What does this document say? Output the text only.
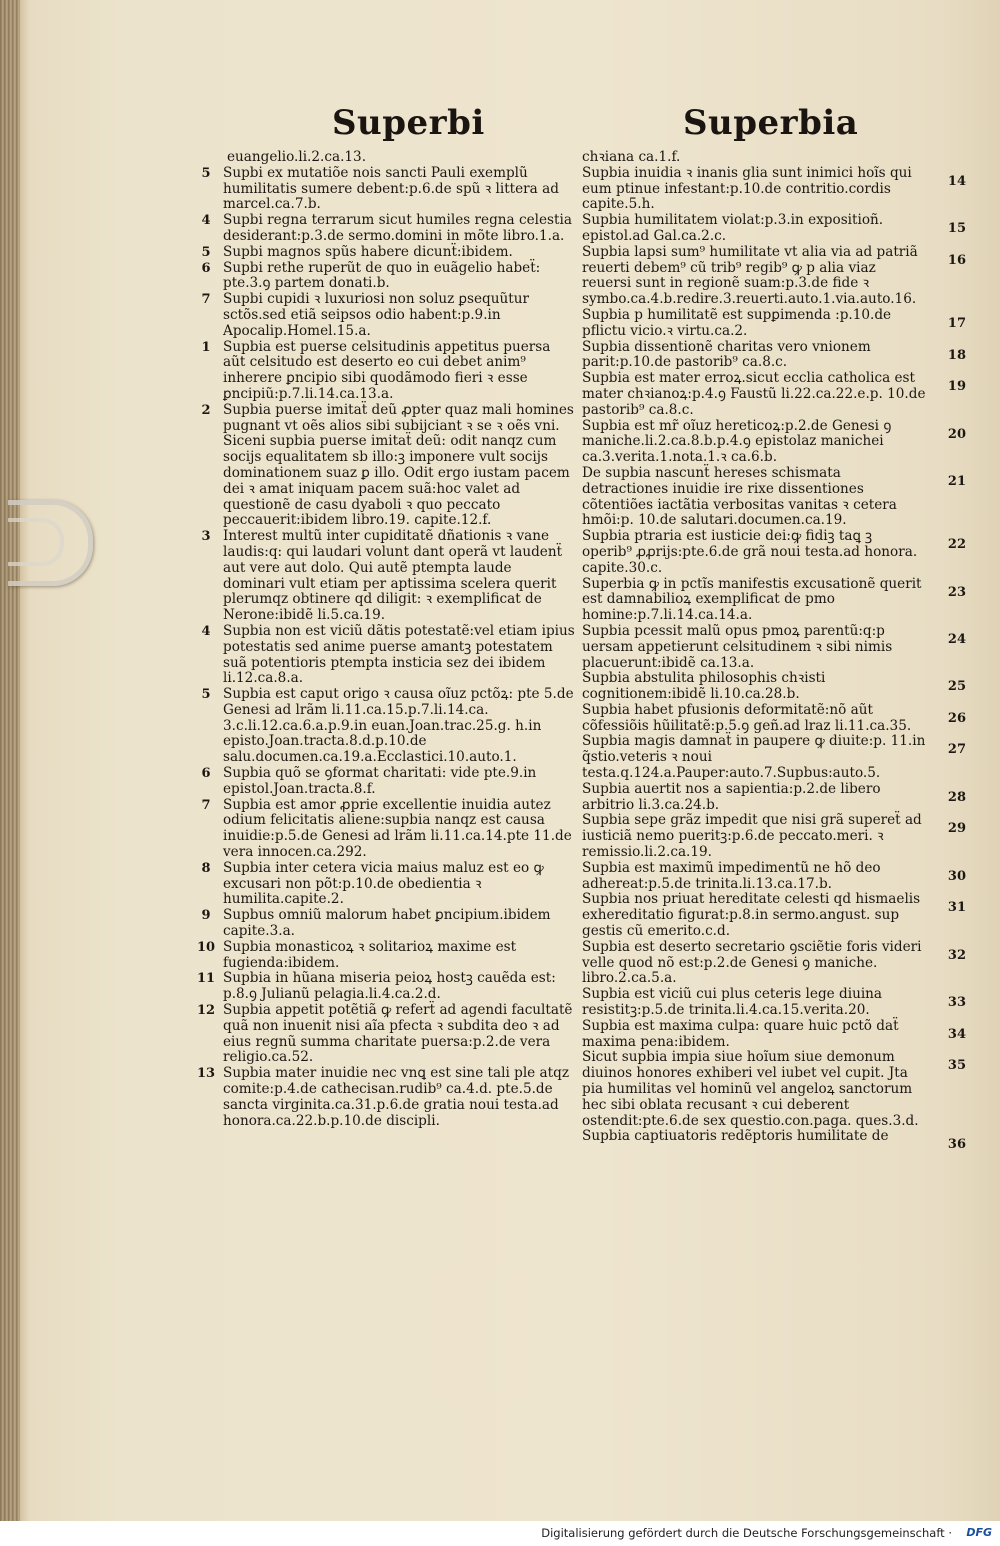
Superbi	Superbia
euangelio.li.2.ca.13.
5 Supbi ex mutatiõe nois sancti Pauli exemplũ humilitatis sumere debent:p.6.de spũ ꝛ littera ad marcel.ca.7.b.
4 Supbi regna terrarum sicut humiles regna celestia desiderant:p.3.de sermo.domini in mõte libro.1.a.
5 Supbi magnos spũs habere dicunẗ:ibidem.
6 Supbi rethe ruperũt de quo in euãgelio habeẗ: pte.3.ꝯ partem donati.b.
7 Supbi cupidi ꝛ luxuriosi non soluz ꝑsequũtur sctõs.sed etiã seipsos odio habent:p.9.in Apocalip.Homel.15.a.
1 Supbia est puerse celsitudinis appetitus puersa aũt celsitudo est deserto eo cui debet anim⁹ inherere ꝑncipio sibi quodãmodo fieri ꝛ esse ꝑncipiũ:p.7.li.14.ca.13.a.
2 Supbia puerse imitaẗ deũ ꝓpter quaz mali homines pugnant vt oẽs alios sibi subijciant ꝛ se ꝛ oẽs vni. Siceni supbia puerse imitaẗ deũ: odit nanqz cum socijs equalitatem sb illo:ꝫ imponere vult socijs dominationem suaz ꝑ illo. Odit ergo iustam pacem dei ꝛ amat iniquam pacem suã:hoc valet ad questionẽ de casu dyaboli ꝛ quo peccato peccauerit:ibidem libro.19. capite.12.f.
3 Interest multũ inter cupiditatẽ dñationis ꝛ vane laudis:q: qui laudari volunt dant operã vt laudenẗ aut vere aut dolo. Qui autẽ ptempta laude dominari vult etiam per aptissima scelera querit plerumqz obtinere qd diligit: ꝛ exemplificat de Nerone:ibidẽ li.5.ca.19.
4 Supbia non est viciũ dãtis potestatẽ:vel etiam ipius potestatis sed anime puerse amantꝫ potestatem suã potentioris ptempta insticia sez dei ibidem li.12.ca.8.a.
5 Supbia est caput origo ꝛ causa oĩuz pctõꝝ: pte 5.de Genesi ad lrãm li.11.ca.15.p.7.li.14.ca. 3.c.li.12.ca.6.a.p.9.in euan.Joan.trac.25.g. h.in episto.Joan.tracta.8.d.p.10.de salu.documen.ca.19.a.Ecclastici.10.auto.1.
6 Supbia quõ se ꝯformat charitati: vide pte.9.in epistol.Joan.tracta.8.f.
7 Supbia est amor ꝓprie excellentie inuidia autez odium felicitatis aliene:supbia nanqz est causa inuidie:p.5.de Genesi ad lrãm li.11.ca.14.pte 11.de vera innocen.ca.292.
8 Supbia inter cetera vicia maius maluz est eo ꝙ excusari non põt:p.10.de obedientia ꝛ humilita.capite.2.
9 Supbus omniũ malorum habet ꝑncipium.ibidem capite.3.a.
10 Supbia monasticoꝝ ꝛ solitarioꝝ maxime est fugienda:ibidem.
11 Supbia in hũana miseria peioꝝ hostꝫ cauẽda est: p.8.ꝯ Julianũ pelagia.li.4.ca.2.d.
12 Supbia appetit potẽtiã ꝙ referẗ ad agendi facultatẽ quã non inuenit nisi aĩa pfecta ꝛ subdita deo ꝛ ad eius regnũ summa charitate puersa:p.2.de vera religio.ca.52.
13 Supbia mater inuidie nec vnꝗ est sine tali ple atqz comite:p.4.de cathecisan.rudib⁹ ca.4.d. pte.5.de sancta virginita.ca.31.p.6.de gratia noui testa.ad honora.ca.22.b.p.10.de discipli.
chꝛiana ca.1.f.
Supbia inuidia ꝛ inanis glia sunt inimici hoĩs qui eum ptinue infestant:p.10.de contritio.cordis capite.5.h.
14
Supbia humilitatem violat:p.3.in expositioñ. epistol.ad Gal.ca.2.c.	15
Supbia lapsi sum⁹ humilitate vt alia via ad patriã reuerti debem⁹ cũ trib⁹ regib⁹ ꝙ p alia viaz reuersi sunt in regionẽ suam:p.3.de fide ꝛ symbo.ca.4.b.redire.3.reuerti.auto.1.via.auto.16.
16
Supbia p humilitatẽ est supꝑimenda :p.10.de pflictu vicio.ꝛ virtu.ca.2.	17
Supbia dissentionẽ charitas vero vnionem parit:p.10.de pastorib⁹ ca.8.c.	18
Supbia est mater erroꝝ.sicut ecclia catholica est mater chꝛianoꝝ:p.4.ꝯ Faustũ li.22.ca.22.e.p. 10.de pastorib⁹ ca.8.c.
19
Supbia est mr̃ oĩuz hereticoꝝ:p.2.de Genesi ꝯ maniche.li.2.ca.8.b.p.4.ꝯ epistolaz manichei ca.3.verita.1.nota.1.ꝛ ca.6.b.
20
De supbia nascunẗ hereses schismata detractiones inuidie ire rixe dissentiones cõtentiões iactãtia verbositas vanitas ꝛ cetera hmõi:p. 10.de salutari.documen.ca.19.
21
Supbia ptraria est iusticie dei:ꝙ fidiꝫ taꝗ ꝫ operib⁹ ꝓꝓrijs:pte.6.de grã noui testa.ad honora. capite.30.c.
22
Superbia ꝙ in pctĩs manifestis excusationẽ querit est damnabilioꝝ exemplificat de pmo homine:p.7.li.14.ca.14.a.
23
Supbia pcessit malũ opus pmoꝝ parentũ:q:p uersam appetierunt celsitudinem ꝛ sibi nimis placuerunt:ibidẽ ca.13.a.
24
Supbia abstulita philosophis chꝛisti cognitionem:ibidẽ li.10.ca.28.b.	25
Supbia habet pfusionis deformitatẽ:nõ aũt cõfessiõis hũilitatẽ:p.5.ꝯ geñ.ad lraz li.11.ca.35.	26
Supbia magis damnaẗ in paupere ꝙ diuite:p. 11.in q̃stio.veteris ꝛ noui testa.q.124.a.Pauper:auto.7.Supbus:auto.5.
27
Supbia auertit nos a sapientia:p.2.de libero arbitrio li.3.ca.24.b.	28
Supbia sepe grãz impedit que nisi grã supereẗ ad iusticiã nemo pueritꝫ:p.6.de peccato.meri. ꝛ remissio.li.2.ca.19.
29
Supbia est maximũ impedimentũ ne hõ deo adhereat:p.5.de trinita.li.13.ca.17.b.	30
Supbia nos priuat hereditate celesti qd hismaelis exhereditatio figurat:p.8.in sermo.angust. sup gestis cũ emerito.c.d.
31
Supbia est deserto secretario ꝯsciẽtie foris videri velle quod nõ est:p.2.de Genesi ꝯ maniche. libro.2.ca.5.a.
32
Supbia est viciũ cui plus ceteris lege diuina resistitꝫ:p.5.de trinita.li.4.ca.15.verita.20.	33
Supbia est maxima culpa: quare huic pctõ daẗ maxima pena:ibidem.	34
Sicut supbia impia siue hoĩum siue demonum diuinos honores exhiberi vel iubet vel cupit. Jta pia humilitas vel hominũ vel angeloꝝ sanctorum hec sibi oblata recusant ꝛ cui deberent ostendit:pte.6.de sex questio.con.paga. ques.3.d.
35
Supbia captiuatoris redẽptoris humilitate de
36
Digitalisierung gefördert durch die Deutsche Forschungsgemeinschaft · DFG
